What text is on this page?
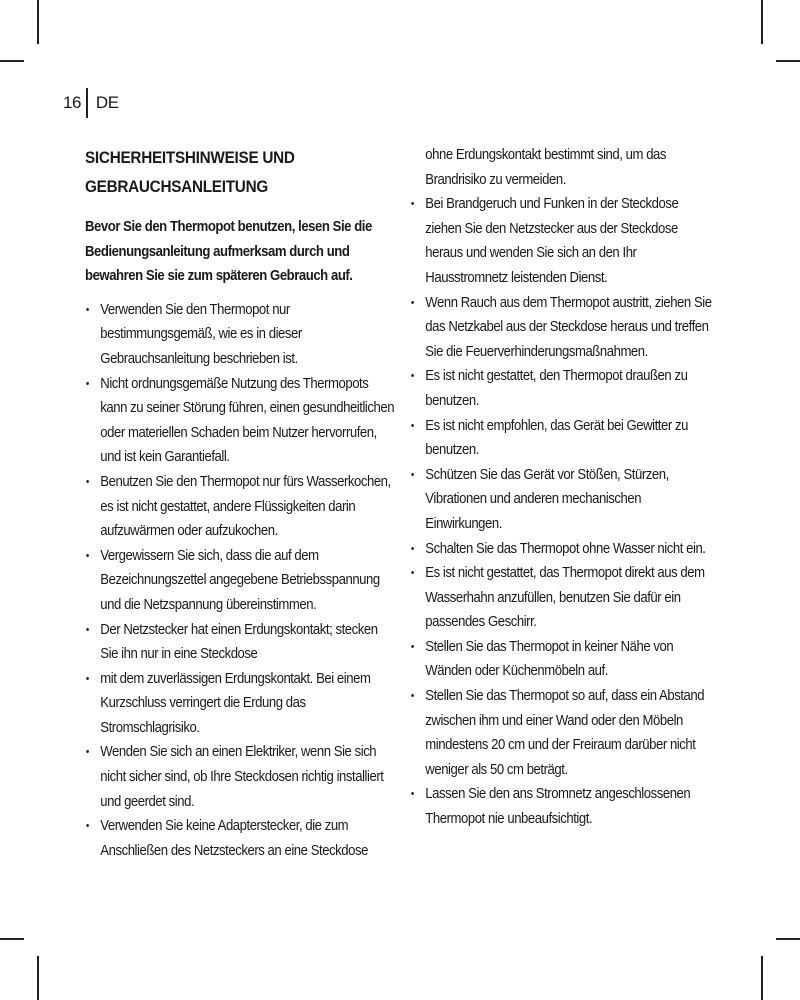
16 DE
SICHERHEITSHINWEISE UND GEBRAUCHSANLEITUNG
Bevor Sie den Thermopot benutzen, lesen Sie die Bedienungsanleitung aufmerksam durch und bewahren Sie sie zum späteren Gebrauch auf.
• Verwenden Sie den Thermopot nur bestimmungsgemäß, wie es in dieser Gebrauchsanleitung beschrieben ist.
• Nicht ordnungsgemäße Nutzung des Thermopots kann zu seiner Störung führen, einen gesundheitlichen oder materiellen Schaden beim Nutzer hervorrufen, und ist kein Garantiefall.
• Benutzen Sie den Thermopot nur fürs Wasserkochen, es ist nicht gestattet, andere Flüssigkeiten darin aufzuwärmen oder aufzukochen.
• Vergewissern Sie sich, dass die auf dem Bezeichnungszettel angegebene Betriebsspannung und die Netzspannung übereinstimmen.
• Der Netzstecker hat einen Erdungskontakt; stecken Sie ihn nur in eine Steckdose
• mit dem zuverlässigen Erdungskontakt. Bei einem Kurzschluss verringert die Erdung das Stromschlagrisiko.
• Wenden Sie sich an einen Elektriker, wenn Sie sich nicht sicher sind, ob Ihre Steckdosen richtig installiert und geerdet sind.
• Verwenden Sie keine Adapterstecker, die zum Anschließen des Netzsteckers an eine Steckdose
ohne Erdungskontakt bestimmt sind, um das Brandrisiko zu vermeiden.
• Bei Brandgeruch und Funken in der Steckdose ziehen Sie den Netzstecker aus der Steckdose heraus und wenden Sie sich an den Ihr Hausstromnetz leistenden Dienst.
• Wenn Rauch aus dem Thermopot austritt, ziehen Sie das Netzkabel aus der Steckdose heraus und treffen Sie die Feuerverhinderungsmaßnahmen.
• Es ist nicht gestattet, den Thermopot draußen zu benutzen.
• Es ist nicht empfohlen, das Gerät bei Gewitter zu benutzen.
• Schützen Sie das Gerät vor Stößen, Stürzen, Vibrationen und anderen mechanischen Einwirkungen.
• Schalten Sie das Thermopot ohne Wasser nicht ein.
• Es ist nicht gestattet, das Thermopot direkt aus dem Wasserhahn anzufüllen, benutzen Sie dafür ein passendes Geschirr.
• Stellen Sie das Thermopot in keiner Nähe von Wänden oder Küchenmöbeln auf.
• Stellen Sie das Thermopot so auf, dass ein Abstand zwischen ihm und einer Wand oder den Möbeln mindestens 20 cm und der Freiraum darüber nicht weniger als 50 cm beträgt.
• Lassen Sie den ans Stromnetz angeschlossenen Thermopot nie unbeaufsichtigt.
